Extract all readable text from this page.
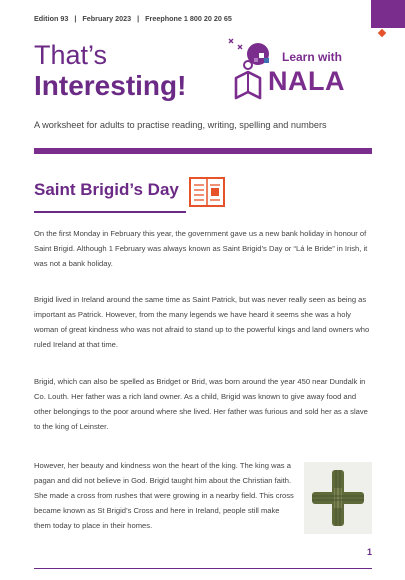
Edition 93 | February 2023 | Freephone 1 800 20 20 65
That’s
Interesting!
Learn with
NALA
A worksheet for adults to practise reading, writing, spelling and numbers
Saint Brigid’s Day

On the first Monday in February this year, the government gave us a new bank holiday in honour of Saint Brigid. Although 1 February was always known as Saint Brigid’s Day or “Lá le Bride” in Irish, it was not a bank holiday.

Brigid lived in Ireland around the same time as Saint Patrick, but was never really seen as being as important as Patrick. However, from the many legends we have heard it seems she was a holy woman of great kindness who was not afraid to stand up to the powerful kings and land owners who ruled Ireland at that time.

Brigid, which can also be spelled as Bridget or Brid, was born around the year 450 near Dundalk in Co. Louth. Her father was a rich land owner. As a child, Brigid was known to give away food and other belongings to the poor around where she lived. Her father was furious and sold her as a slave to the king of Leinster.

However, her beauty and kindness won the heart of the king. The king was a pagan and did not believe in God. Brigid taught him about the Christian faith. She made a cross from rushes that were growing in a nearby field. This cross became known as St Brigid’s Cross and here in Ireland, people still make them today to place in their homes.

1
